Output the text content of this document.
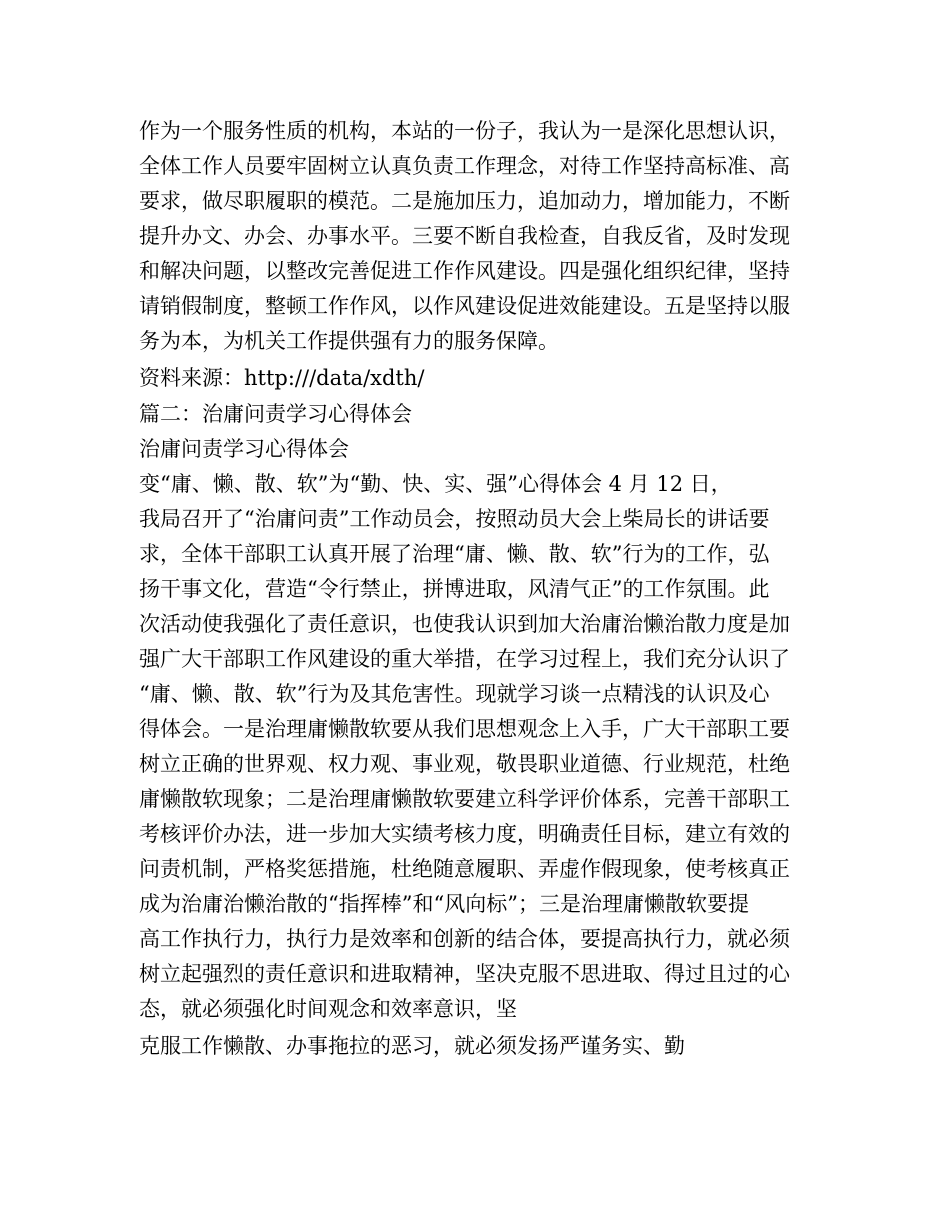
作为一个服务性质的机构，本站的一份子，我认为一是深化思想认识，
全体工作人员要牢固树立认真负责工作理念，对待工作坚持高标准、高
要求，做尽职履职的模范。二是施加压力，追加动力，增加能力，不断
提升办文、办会、办事水平。三要不断自我检查，自我反省，及时发现
和解决问题，以整改完善促进工作作风建设。四是强化组织纪律，坚持
请销假制度，整顿工作作风，以作风建设促进效能建设。五是坚持以服
务为本，为机关工作提供强有力的服务保障。
资料来源：http:///data/xdth/
篇二：治庸问责学习心得体会
治庸问责学习心得体会
变“庸、懒、散、软”为“勤、快、实、强”心得体会 4 月 12 日，
我局召开了“治庸问责”工作动员会，按照动员大会上柴局长的讲话要
求，全体干部职工认真开展了治理“庸、懒、散、软”行为的工作，弘
扬干事文化，营造“令行禁止，拼博进取，风清气正”的工作氛围。此
次活动使我强化了责任意识，也使我认识到加大治庸治懒治散力度是加
强广大干部职工作风建设的重大举措，在学习过程上，我们充分认识了
“庸、懒、散、软”行为及其危害性。现就学习谈一点精浅的认识及心
得体会。一是治理庸懒散软要从我们思想观念上入手，广大干部职工要
树立正确的世界观、权力观、事业观，敬畏职业道德、行业规范，杜绝
庸懒散软现象；二是治理庸懒散软要建立科学评价体系，完善干部职工
考核评价办法，进一步加大实绩考核力度，明确责任目标，建立有效的
问责机制，严格奖惩措施，杜绝随意履职、弄虚作假现象，使考核真正
成为治庸治懒治散的“指挥棒”和“风向标”；三是治理庸懒散软要提
高工作执行力，执行力是效率和创新的结合体，要提高执行力，就必须
树立起强烈的责任意识和进取精神，坚决克服不思进取、得过且过的心
态，就必须强化时间观念和效率意识，坚
克服工作懒散、办事拖拉的恶习，就必须发扬严谨务实、勤
